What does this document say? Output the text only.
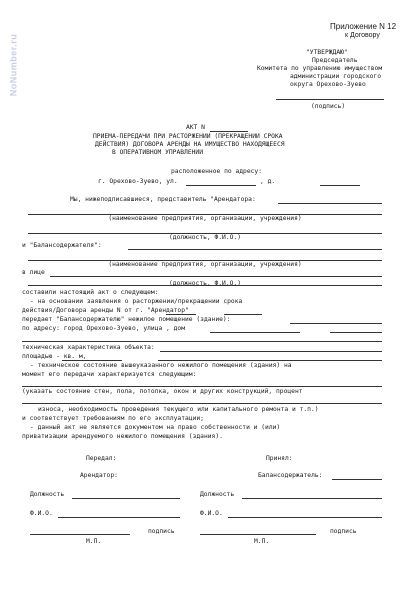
NoNumber.ru
Приложение N 12
к Договору
"УТВЕРЖДАЮ"
Председатель
Комитета по управлению имуществом
администрации городского
округа Орехово-Зуево
(подпись)
АКТ N
ПРИЕМА-ПЕРЕДАЧИ ПРИ РАСТОРЖЕНИИ (ПРЕКРАЩЕНИИ СРОКА
ДЕЙСТВИЯ) ДОГОВОРА АРЕНДЫ НА ИМУЩЕСТВО НАХОДЯЩЕЕСЯ
В ОПЕРАТИВНОМ УПРАВЛЕНИИ
расположенное по адресу:
г. Орехово-Зуево, ул.	, д.
Мы, нижеподписавшиеся, представитель "Арендатора:
(наименование предприятия, организации, учреждения)
(должность, Ф.И.О.)
и "Балансодержателя":
(наименование предприятия, организации, учреждения)
в лице
(должность, Ф.И.О.)
составили настоящий акт о следующем:
- на основании заявления о расторжении/прекращении срока
действия/Договора аренды N от г. "Арендатор"
передает "Балансодержателю" нежилое помещение (здание):
по адресу: город Орехово-Зуево, улица , дом
техническая характеристика объекта:
площадью - кв. м,
- техническое состояние вышеуказанного нежилого помещения (здания) на
момент его передачи характеризуется следующим:
(указать состояние стен, пола, потолка, окон и других конструкций, процент
износа, необходимость проведения текущего или капитального ремонта и т.п.)
и соответствует требованиям по его эксплуатации;
- данный акт не является документом на право собственности и (или)
приватизации арендуемого нежилого помещения (здания).
Передал:	Принял:
Арендатор:	Балансодержатель:
Должность	Должность
Ф.И.О.	Ф.И.О.
подпись	подпись
М.П.	М.П.
